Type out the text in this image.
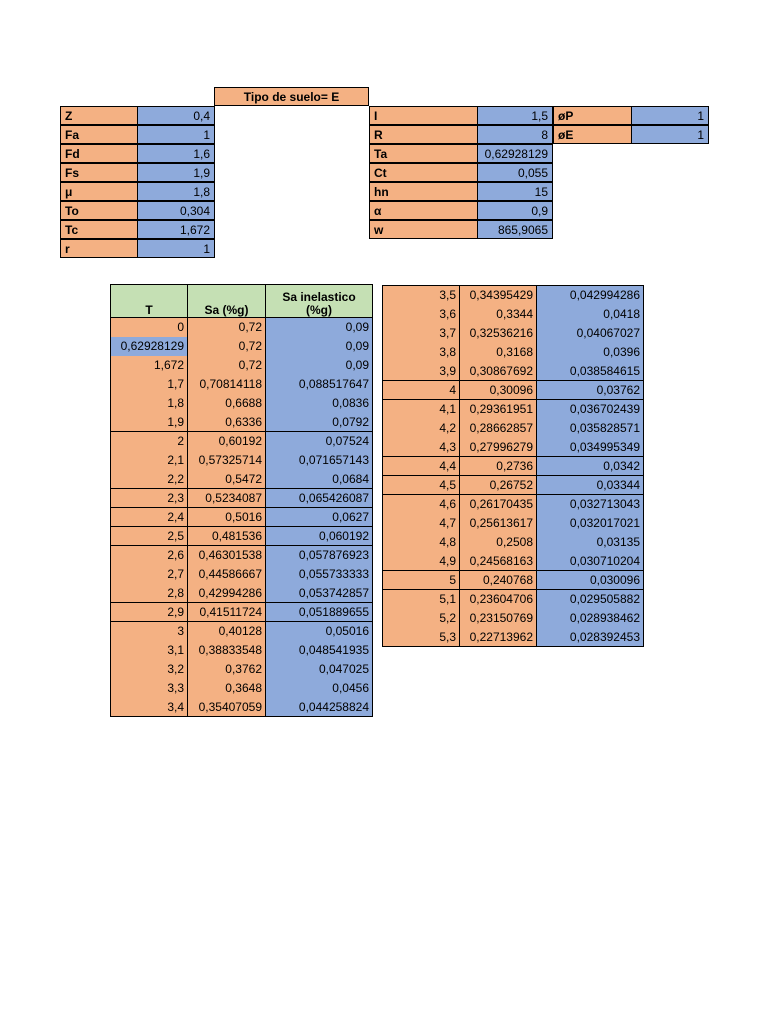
Tipo de suelo= E
Z	0,4
Fa	1
Fd	1,6
Fs	1,9
μ	1,8
To	0,304
Tc	1,672
r	1
I	1,5
R	8
Ta	0,62928129
Ct	0,055
hn	15
α	0,9
w	865,9065
øP	1
øE	1
T	Sa (%g)	Sa inelastico (%g)
0	0,72	0,09
0,62928129	0,72	0,09
1,672	0,72	0,09
1,7	0,70814118	0,088517647
1,8	0,6688	0,0836
1,9	0,6336	0,0792
2	0,60192	0,07524
2,1	0,57325714	0,071657143
2,2	0,5472	0,0684
2,3	0,5234087	0,065426087
2,4	0,5016	0,0627
2,5	0,481536	0,060192
2,6	0,46301538	0,057876923
2,7	0,44586667	0,055733333
2,8	0,42994286	0,053742857
2,9	0,41511724	0,051889655
3	0,40128	0,05016
3,1	0,38833548	0,048541935
3,2	0,3762	0,047025
3,3	0,3648	0,0456
3,4	0,35407059	0,044258824
3,5	0,34395429	0,042994286
3,6	0,3344	0,0418
3,7	0,32536216	0,04067027
3,8	0,3168	0,0396
3,9	0,30867692	0,038584615
4	0,30096	0,03762
4,1	0,29361951	0,036702439
4,2	0,28662857	0,035828571
4,3	0,27996279	0,034995349
4,4	0,2736	0,0342
4,5	0,26752	0,03344
4,6	0,26170435	0,032713043
4,7	0,25613617	0,032017021
4,8	0,2508	0,03135
4,9	0,24568163	0,030710204
5	0,240768	0,030096
5,1	0,23604706	0,029505882
5,2	0,23150769	0,028938462
5,3	0,22713962	0,028392453
